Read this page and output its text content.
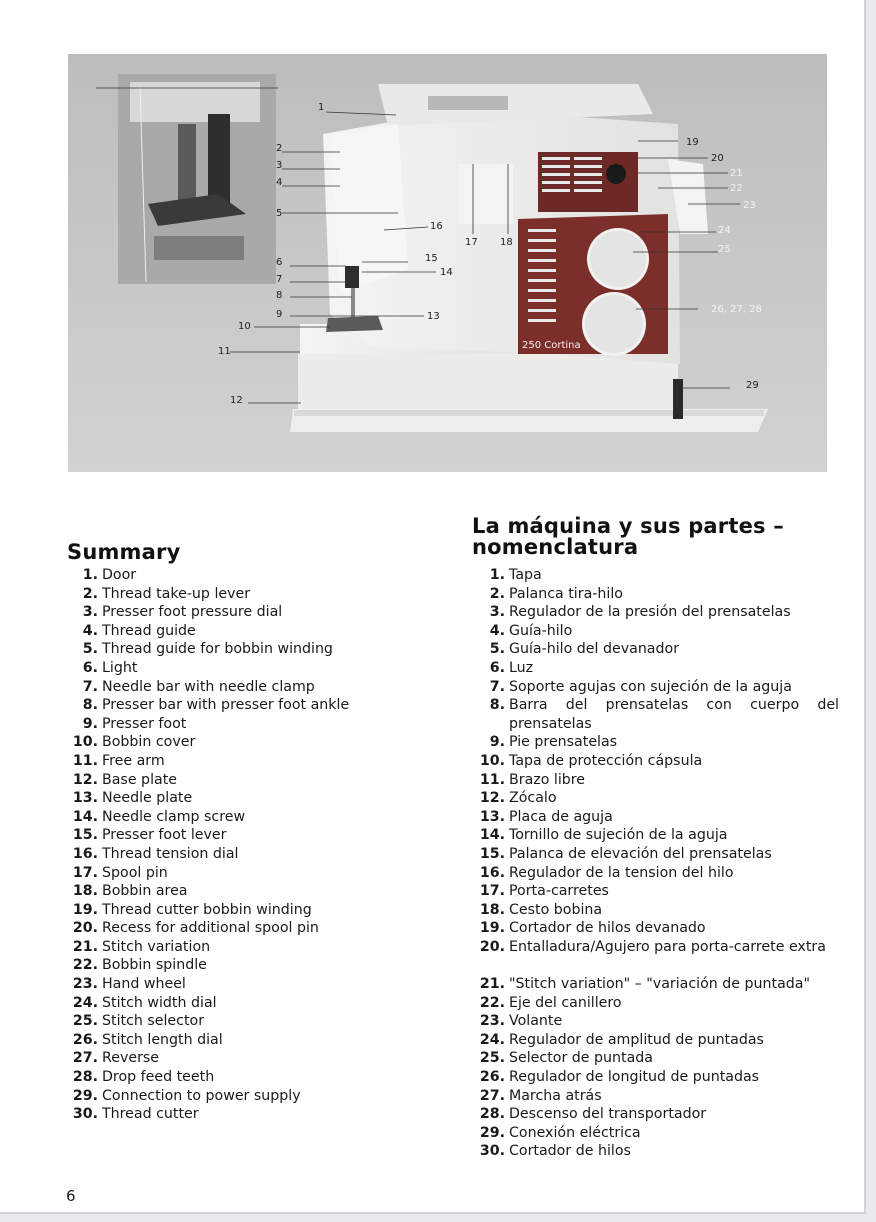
250 Cortina
1
2
3
4
5
6
7
8
9
10
11
12
13
14
15
16
17 18
19
20
21
22
23
24
25
26, 27, 28
29
Summary
La máquina y sus partes –
nomenclatura
1. Door
2. Thread take-up lever
3. Presser foot pressure dial
4. Thread guide
5. Thread guide for bobbin winding
6. Light
7. Needle bar with needle clamp
8. Presser bar with presser foot ankle
9. Presser foot
10. Bobbin cover
11. Free arm
12. Base plate
13. Needle plate
14. Needle clamp screw
15. Presser foot lever
16. Thread tension dial
17. Spool pin
18. Bobbin area
19. Thread cutter bobbin winding
20. Recess for additional spool pin
21. Stitch variation
22. Bobbin spindle
23. Hand wheel
24. Stitch width dial
25. Stitch selector
26. Stitch length dial
27. Reverse
28. Drop feed teeth
29. Connection to power supply
30. Thread cutter
1. Tapa
2. Palanca tira-hilo
3. Regulador de la presión del prensatelas
4. Guía-hilo
5. Guía-hilo del devanador
6. Luz
7. Soporte agujas con sujeción de la aguja
8. Barra del prensatelas con cuerpo del prensatelas
9. Pie prensatelas
10. Tapa de protección cápsula
11. Brazo libre
12. Zócalo
13. Placa de aguja
14. Tornillo de sujeción de la aguja
15. Palanca de elevación del prensatelas
16. Regulador de la tension del hilo
17. Porta-carretes
18. Cesto bobina
19. Cortador de hilos devanado
20. Entalladura/Agujero para porta-carrete extra
21. "Stitch variation" – "variación de puntada"
22. Eje del canillero
23. Volante
24. Regulador de amplitud de puntadas
25. Selector de puntada
26. Regulador de longitud de puntadas
27. Marcha atrás
28. Descenso del transportador
29. Conexión eléctrica
30. Cortador de hilos
6
